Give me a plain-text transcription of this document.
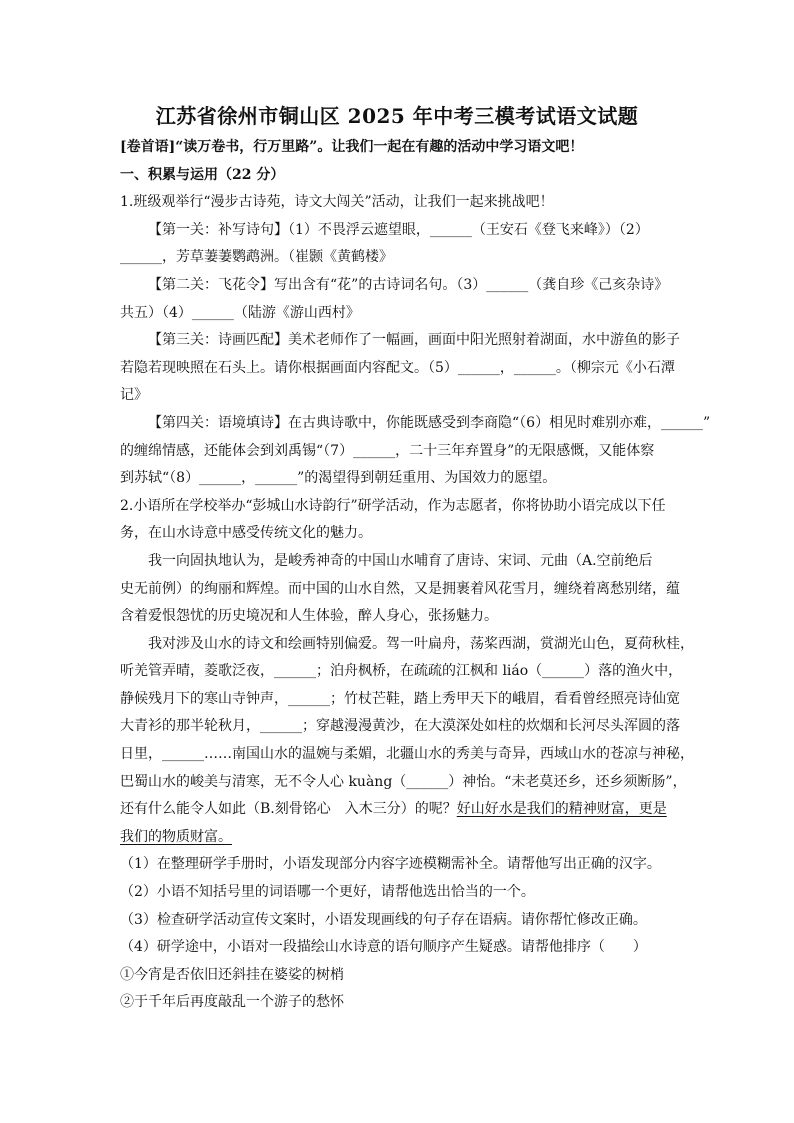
江苏省徐州市铜山区 2025 年中考三模考试语文试题
[卷首语]“读万卷书，行万里路”。让我们一起在有趣的活动中学习语文吧！
一、积累与运用（22 分）
1.班级观举行“漫步古诗苑，诗文大闯关”活动，让我们一起来挑战吧！
【第一关：补写诗句】（1）不畏浮云遮望眼，______（王安石《登飞来峰》）（2）
______，芳草萋萋鹦鹉洲。（崔颢《黄鹤楼》
【第二关：飞花令】写出含有“花”的古诗词名句。（3）______（龚自珍《己亥杂诗》
共五）（4）______（陆游《游山西村》
【第三关：诗画匹配】美术老师作了一幅画，画面中阳光照射着湖面，水中游鱼的影子
若隐若现映照在石头上。请你根据画面内容配文。（5）______，______。（柳宗元《小石潭
记》
【第四关：语境填诗】在古典诗歌中，你能既感受到李商隐“（6）相见时难别亦难，______”
的缠绵情感，还能体会到刘禹锡“（7）______，二十三年弃置身”的无限感慨，又能体察
到苏轼“（8）______，______”的渴望得到朝廷重用、为国效力的愿望。
2.小语所在学校举办“彭城山水诗韵行”研学活动，作为志愿者，你将协助小语完成以下任
务，在山水诗意中感受传统文化的魅力。
我一向固执地认为，是峻秀神奇的中国山水哺育了唐诗、宋词、元曲（A.空前绝后
史无前例）的绚丽和辉煌。而中国的山水自然，又是拥裹着风花雪月，缠绕着离愁别绪，蕴
含着爱恨怨忧的历史境况和人生体验，醉人身心，张扬魅力。
我对涉及山水的诗文和绘画特别偏爱。驾一叶扁舟，荡桨西湖，赏湖光山色，夏荷秋桂，
听羌管弄晴，菱歌泛夜，______；泊舟枫桥，在疏疏的江枫和 liáo（______）落的渔火中，
静候残月下的寒山寺钟声，______；竹杖芒鞋，踏上秀甲天下的峨眉，看看曾经照亮诗仙宽
大青衫的那半轮秋月，______；穿越漫漫黄沙，在大漠深处如柱的炊烟和长河尽头浑圆的落
日里，______……南国山水的温婉与柔媚，北疆山水的秀美与奇异，西域山水的苍凉与神秘，
巴蜀山水的峻美与清寒，无不令人心 kuàng（______）神怡。“未老莫还乡，还乡须断肠”，
还有什么能令人如此（B.刻骨铭心　入木三分）的呢？好山好水是我们的精神财富，更是
我们的物质财富。
（1）在整理研学手册时，小语发现部分内容字迹模糊需补全。请帮他写出正确的汉字。
（2）小语不知括号里的词语哪一个更好，请帮他选出恰当的一个。
（3）检查研学活动宣传文案时，小语发现画线的句子存在语病。请你帮忙修改正确。
（4）研学途中，小语对一段描绘山水诗意的语句顺序产生疑惑。请帮他排序（　　）
①今宵是否依旧还斜挂在婆娑的树梢
②于千年后再度敲乱一个游子的愁怀
